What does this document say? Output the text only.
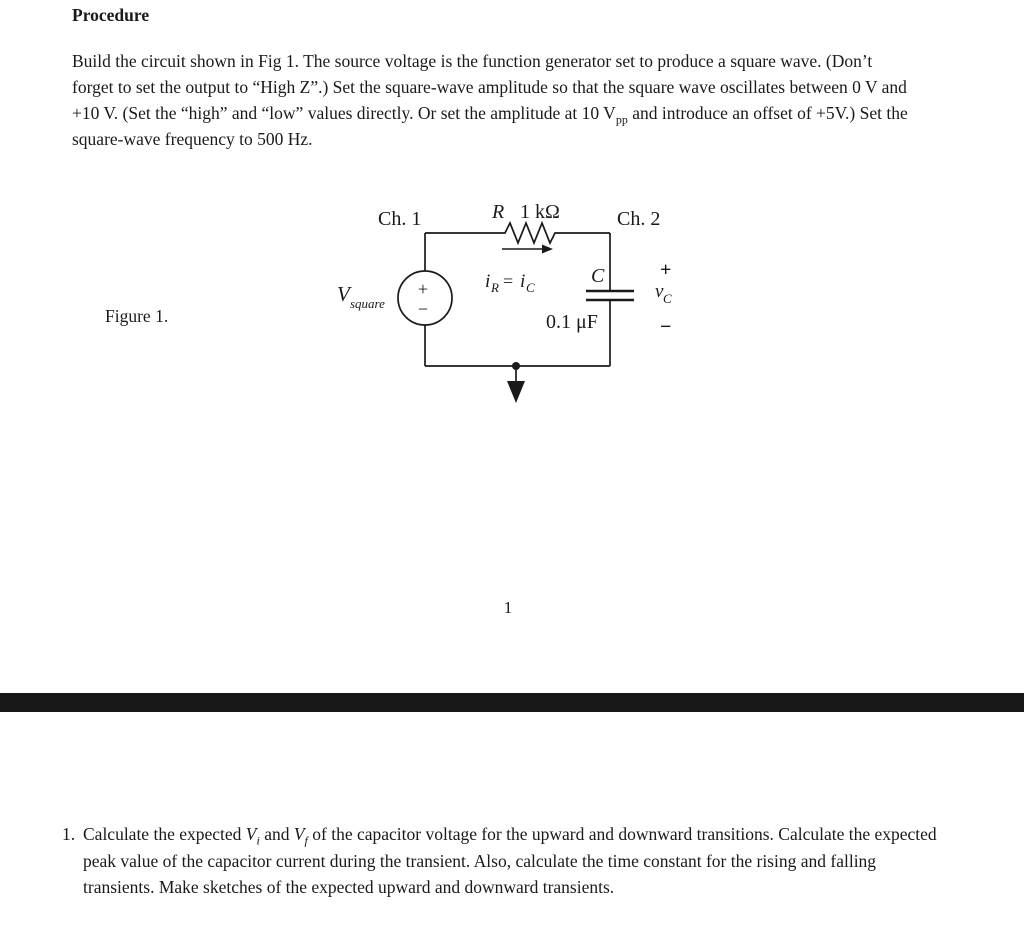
Procedure
Build the circuit shown in Fig 1. The source voltage is the function generator set to produce a square wave. (Don’t forget to set the output to “High Z”.) Set the square-wave amplitude so that the square wave oscillates between 0 V and +10 V. (Set the “high” and “low” values directly. Or set the amplitude at 10 $V_{pp}$ and introduce an offset of +5V.) Set the square-wave frequency to 500 Hz.
Figure 1.
Ch. 1	R 1 kΩ	Ch. 2
+
−
V square
i R = i C
C
0.1 μF
+
v C
−
1
1. Calculate the expected $V_i$ and $V_f$ of the capacitor voltage for the upward and downward transitions. Calculate the expected peak value of the capacitor current during the transient. Also, calculate the time constant for the rising and falling transients. Make sketches of the expected upward and downward transients.
